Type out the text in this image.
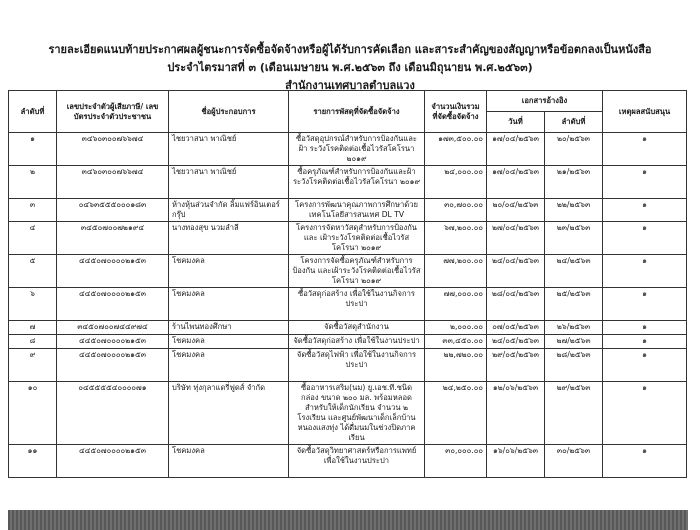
รายละเอียดแนบท้ายประกาศผลผู้ชนะการจัดซื้อจัดจ้างหรือผู้ได้รับการคัดเลือก และสาระสำคัญของสัญญาหรือข้อตกลงเป็นหนังสือ
ประจำไตรมาสที่ ๓ (เดือนเมษายน พ.ศ.๒๕๖๓ ถึง เดือนมิถุนายน พ.ศ.๒๕๖๓)
สำนักงานเทศบาลตำบลแวง
ลำดับที่	เลขประจำตัวผู้เสียภาษี/ เลขบัตรประจำตัวประชาชน	ชื่อผู้ประกอบการ	รายการพัสดุที่จัดซื้อจัดจ้าง	จำนวนเงินรวม ที่จัดซื้อจัดจ้าง	เอกสารอ้างอิง		เหตุผลสนับสนุน
					วันที่	ลำดับที่	
๑	๓๔๖๐๓๐๐๗๖๖๗๔	ไชยวาสนา พาณิชย์	ซื้อวัสดุอุปกรณ์สำหรับการป้องกันและฝ้า ระวังโรคติดต่อเชื้อไวรัสโคโรนา ๒๐๑๙	๑๗๓,๕๐๐.๐๐	๑๗/๐๔/๒๕๖๓	๒๐/๒๕๖๓	๑
๒	๓๔๖๐๓๐๐๗๖๖๗๔	ไชยวาสนา พาณิชย์	ซื้อครุภัณฑ์สำหรับการป้องกันและฝ้า ระวังโรคติดต่อเชื้อไวรัสโคโรนา ๒๐๑๙	๒๔,๐๐๐.๐๐	๑๗/๐๔/๒๕๖๓	๒๑/๒๕๖๓	๑
๓	๐๔๖๓๕๕๕๐๐๐๑๘๓	ห้างหุ้นส่วนจำกัด ลิ้มแฟร์อินเตอร์กรุ๊ป	โครงการพัฒนาคุณภาพการศึกษาด้วย เทคโนโลยีสารสนเทศ DL TV	๓๐,๗๐๐.๐๐	๒๐/๐๔/๒๕๖๓	๒๒/๒๕๖๓	๑
๔	๓๔๕๐๗๐๐๗๒๑๙๔	นางทองสุข นวมลำลี	โครงการจัดหาวัสดุสำหรับการป้องกันและ เฝ้าระวังโรคติดต่อเชื้อไวรัสโคโรนา ๒๐๑๙	๖๗,๒๐๐.๐๐	๒๗/๐๔/๒๕๖๓	๒๓/๒๕๖๓	๑
๕	๔๔๕๐๗๐๐๐๐๒๑๕๓	โชคมงคล	โครงการจัดซื้อครุภัณฑ์สำหรับการป้องกัน และเฝ้าระวังโรคติดต่อเชื้อไวรัสโคโรนา ๒๐๑๙	๗๗,๒๐๐.๐๐	๒๔/๐๔/๒๕๖๓	๒๔/๒๕๖๓	๑
๖	๔๔๕๐๗๐๐๐๐๒๑๕๓	โชคมงคล	ซื้อวัสดุก่อสร้าง เพื่อใช้ในงานกิจการ ประปา	๗๗,๐๐๐.๐๐	๒๘/๐๔/๒๕๖๓	๒๕/๒๕๖๓	๑
๗	๓๔๕๐๗๐๐๗๔๔๙๗๔	ร้านไพนทองศึกษา	จัดซื้อวัสดุสำนักงาน	๒,๐๐๐.๐๐	๐๗/๐๕/๒๕๖๓	๒๖/๒๕๖๓	๑
๘	๔๔๕๐๗๐๐๐๐๒๑๕๓	โชคมงคล	จัดซื้อวัสดุก่อสร้าง เพื่อใช้ในงานประปา	๓๓,๔๕๐.๐๐	๒๔/๐๕/๒๕๖๓	๒๗/๒๕๖๓	๑
๙	๔๔๕๐๗๐๐๐๐๒๑๕๓	โชคมงคล	จัดซื้อวัสดุไฟฟ้า เพื่อใช้ในงานกิจการ ประปา	๒๒,๗๒๐.๐๐	๒๙/๐๕/๒๕๖๓	๒๘/๒๕๖๓	๑
๑๐	๐๔๕๕๕๕๔๐๐๐๐๗๑	บริษัท ทุ่งกุลาแดรี่ฟูดส์ จำกัด	ซื้ออาหารเสริม(นม) ยู.เอช.ที.ชนิด กล่อง ขนาด ๒๐๐ มล. พร้อมหลอด สำหรับให้เด็กนักเรียน จำนวน ๒ โรงเรียน และศูนย์พัฒนาเด็กเล็กบ้านหนองแสงทุ่ง ได้ดื่มนมในช่วงปิดภาคเรียน	๒๔,๒๕๐.๐๐	๑๒/๐๖/๒๕๖๓	๒๙/๒๕๖๓	๑
๑๑	๔๔๕๐๗๐๐๐๐๒๑๕๓	โชคมงคล	จัดซื้อวัสดุวิทยาศาสตร์หรือการแพทย์ เพื่อใช้ในงานประปา	๓๐,๐๐๐.๐๐	๑๖/๐๖/๒๕๖๓	๓๐/๒๕๖๓	๑
